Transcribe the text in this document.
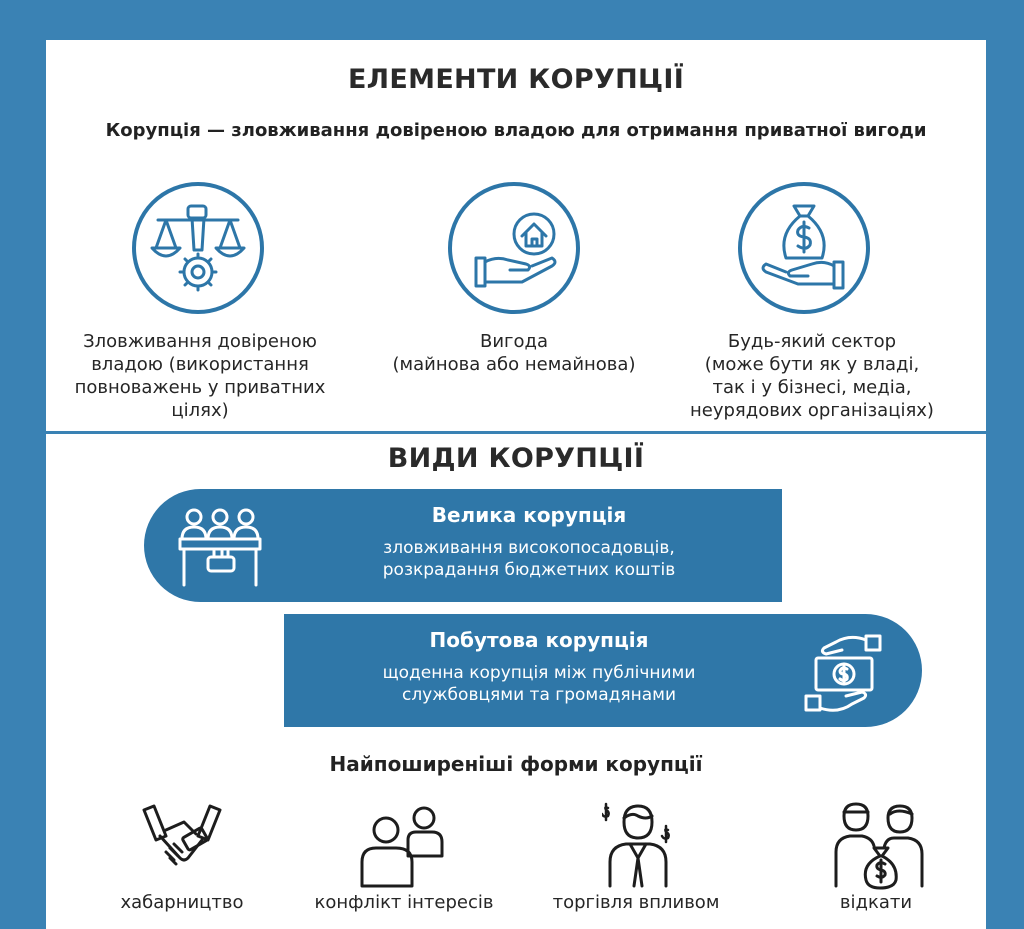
ЕЛЕМЕНТИ КОРУПЦІЇ
Корупція — зловживання довіреною владою для отримання приватної вигоди
Зловживання довіреною
владою (використання
повноважень у приватних
цілях)
Вигода
(майнова або немайнова)
Будь-який сектор
(може бути як у владі,
так і у бізнесі, медіа,
неурядових організаціях)
ВИДИ КОРУПЦІЇ
Велика корупція
зловживання високопосадовців,
розкрадання бюджетних коштів
Побутова корупція
щоденна корупція між публічними
службовцями та громадянами
Найпоширеніші форми корупції
хабарництво	конфлікт інтересів	торгівля впливом	відкати
